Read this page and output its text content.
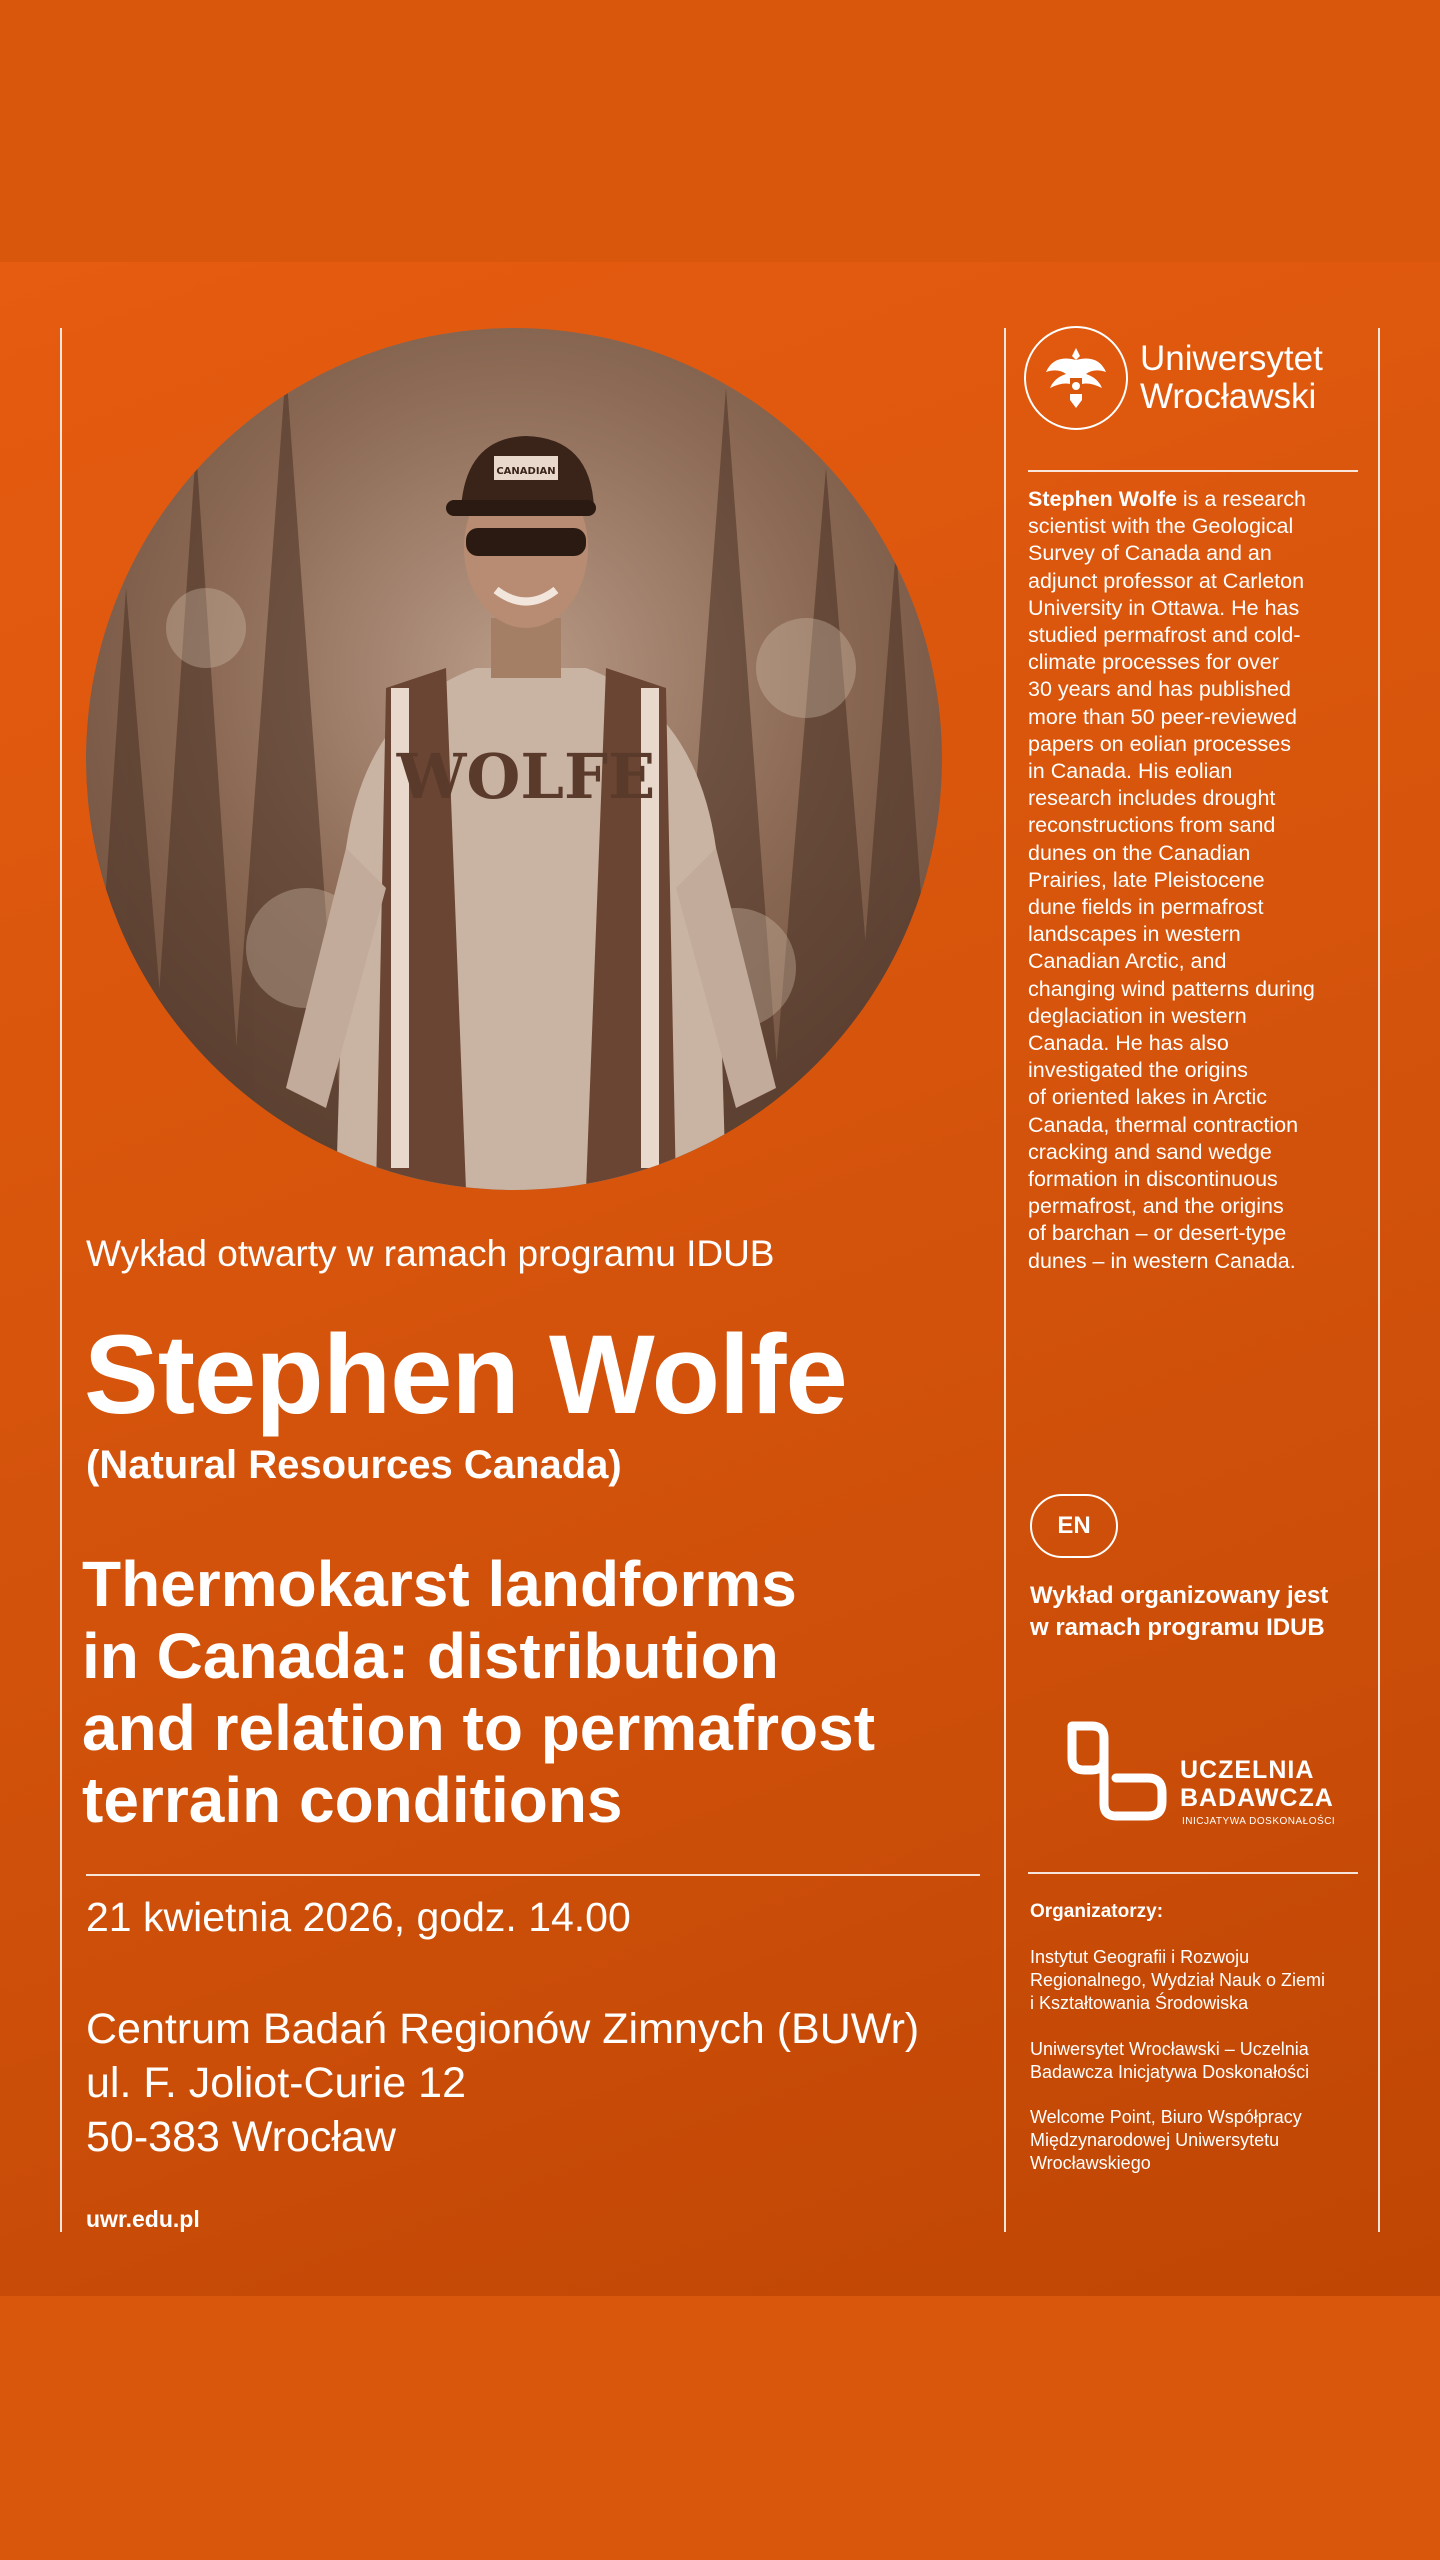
WOLFE
CANADIAN
Wykład otwarty w ramach programu IDUB
Stephen Wolfe
(Natural Resources Canada)
Thermokarst landforms
in Canada: distribution
and relation to permafrost
terrain conditions
21 kwietnia 2026, godz. 14.00
Centrum Badań Regionów Zimnych (BUWr)
ul. F. Joliot-Curie 12
50-383 Wrocław
uwr.edu.pl
Uniwersytet
Wrocławski
Stephen Wolfe is a research
scientist with the Geological
Survey of Canada and an
adjunct professor at Carleton
University in Ottawa. He has
studied permafrost and cold-
climate processes for over
30 years and has published
more than 50 peer-reviewed
papers on eolian processes
in Canada. His eolian
research includes drought
reconstructions from sand
dunes on the Canadian
Prairies, late Pleistocene
dune fields in permafrost
landscapes in western
Canadian Arctic, and
changing wind patterns during
deglaciation in western
Canada. He has also
investigated the origins
of oriented lakes in Arctic
Canada, thermal contraction
cracking and sand wedge
formation in discontinuous
permafrost, and the origins
of barchan – or desert-type
dunes – in western Canada.
EN
Wykład organizowany jest
w ramach programu IDUB
UCZELNIA
BADAWCZA
INICJATYWA DOSKONAŁOŚCI
Organizatorzy:
Instytut Geografii i Rozwoju
Regionalnego, Wydział Nauk o Ziemi
i Kształtowania Środowiska
Uniwersytet Wrocławski – Uczelnia
Badawcza Inicjatywa Doskonałości
Welcome Point, Biuro Współpracy
Międzynarodowej Uniwersytetu
Wrocławskiego
